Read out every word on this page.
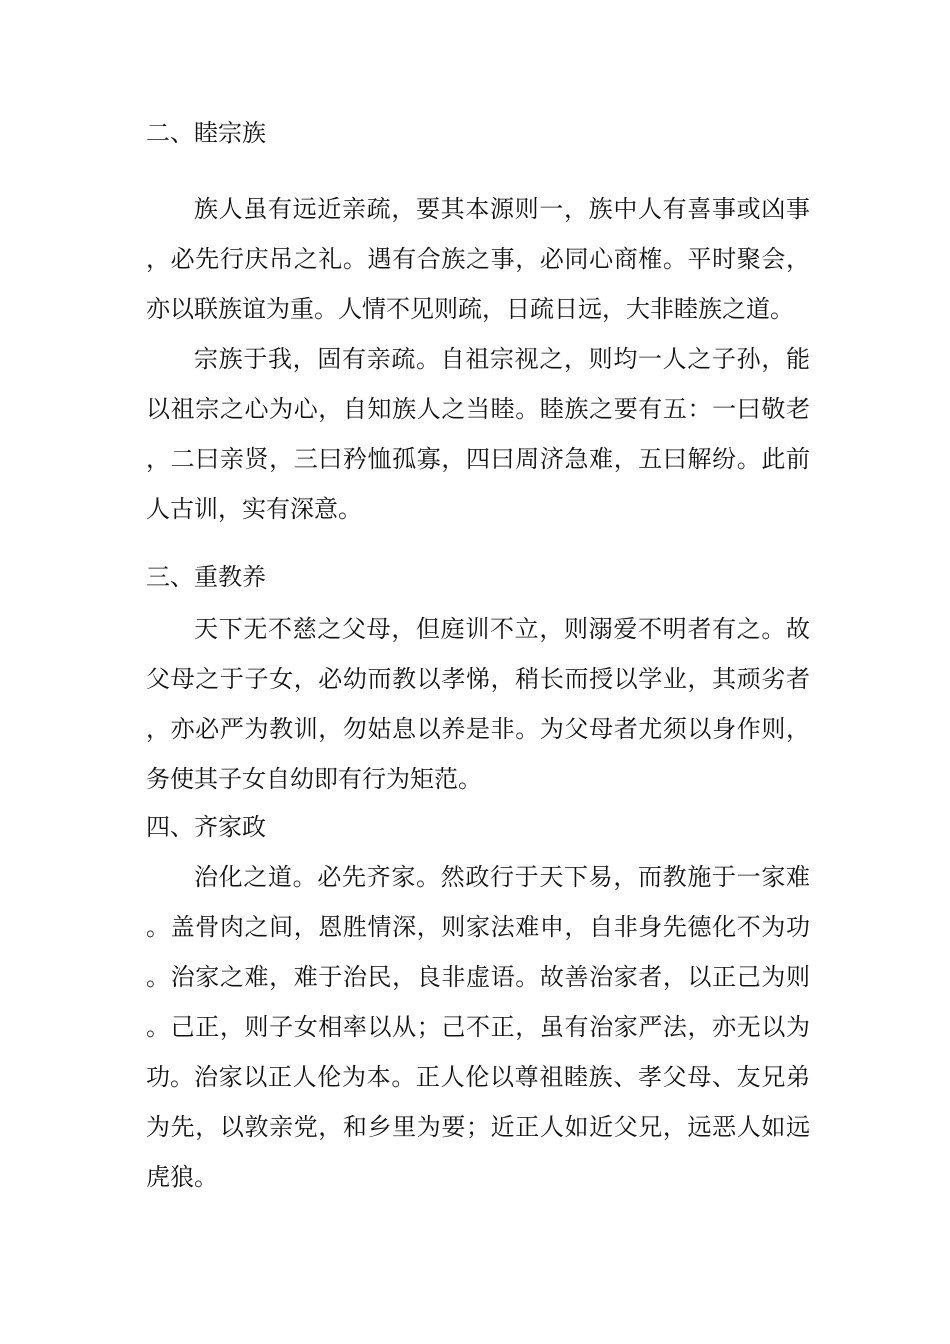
二、睦宗族
族人虽有远近亲疏，要其本源则一，族中人有喜事或凶事，必先行庆吊之礼。遇有合族之事，必同心商榷。平时聚会，亦以联族谊为重。人情不见则疏，日疏日远，大非睦族之道。
宗族于我，固有亲疏。自祖宗视之，则均一人之子孙，能以祖宗之心为心，自知族人之当睦。睦族之要有五：一曰敬老，二曰亲贤，三曰矜恤孤寡，四曰周济急难，五曰解纷。此前人古训，实有深意。
三、重教养
天下无不慈之父母，但庭训不立，则溺爱不明者有之。故父母之于子女，必幼而教以孝悌，稍长而授以学业，其顽劣者，亦必严为教训，勿姑息以养是非。为父母者尤须以身作则，务使其子女自幼即有行为矩范。
四、齐家政
治化之道。必先齐家。然政行于天下易，而教施于一家难。盖骨肉之间，恩胜情深，则家法难申，自非身先德化不为功。治家之难，难于治民，良非虚语。故善治家者，以正己为则。己正，则子女相率以从；己不正，虽有治家严法，亦无以为功。 治家以正人伦为本。正人伦以尊祖睦族、孝父母、友兄弟为先，以敦亲党，和乡里为要；近正人如近父兄，远恶人如远虎狼。
